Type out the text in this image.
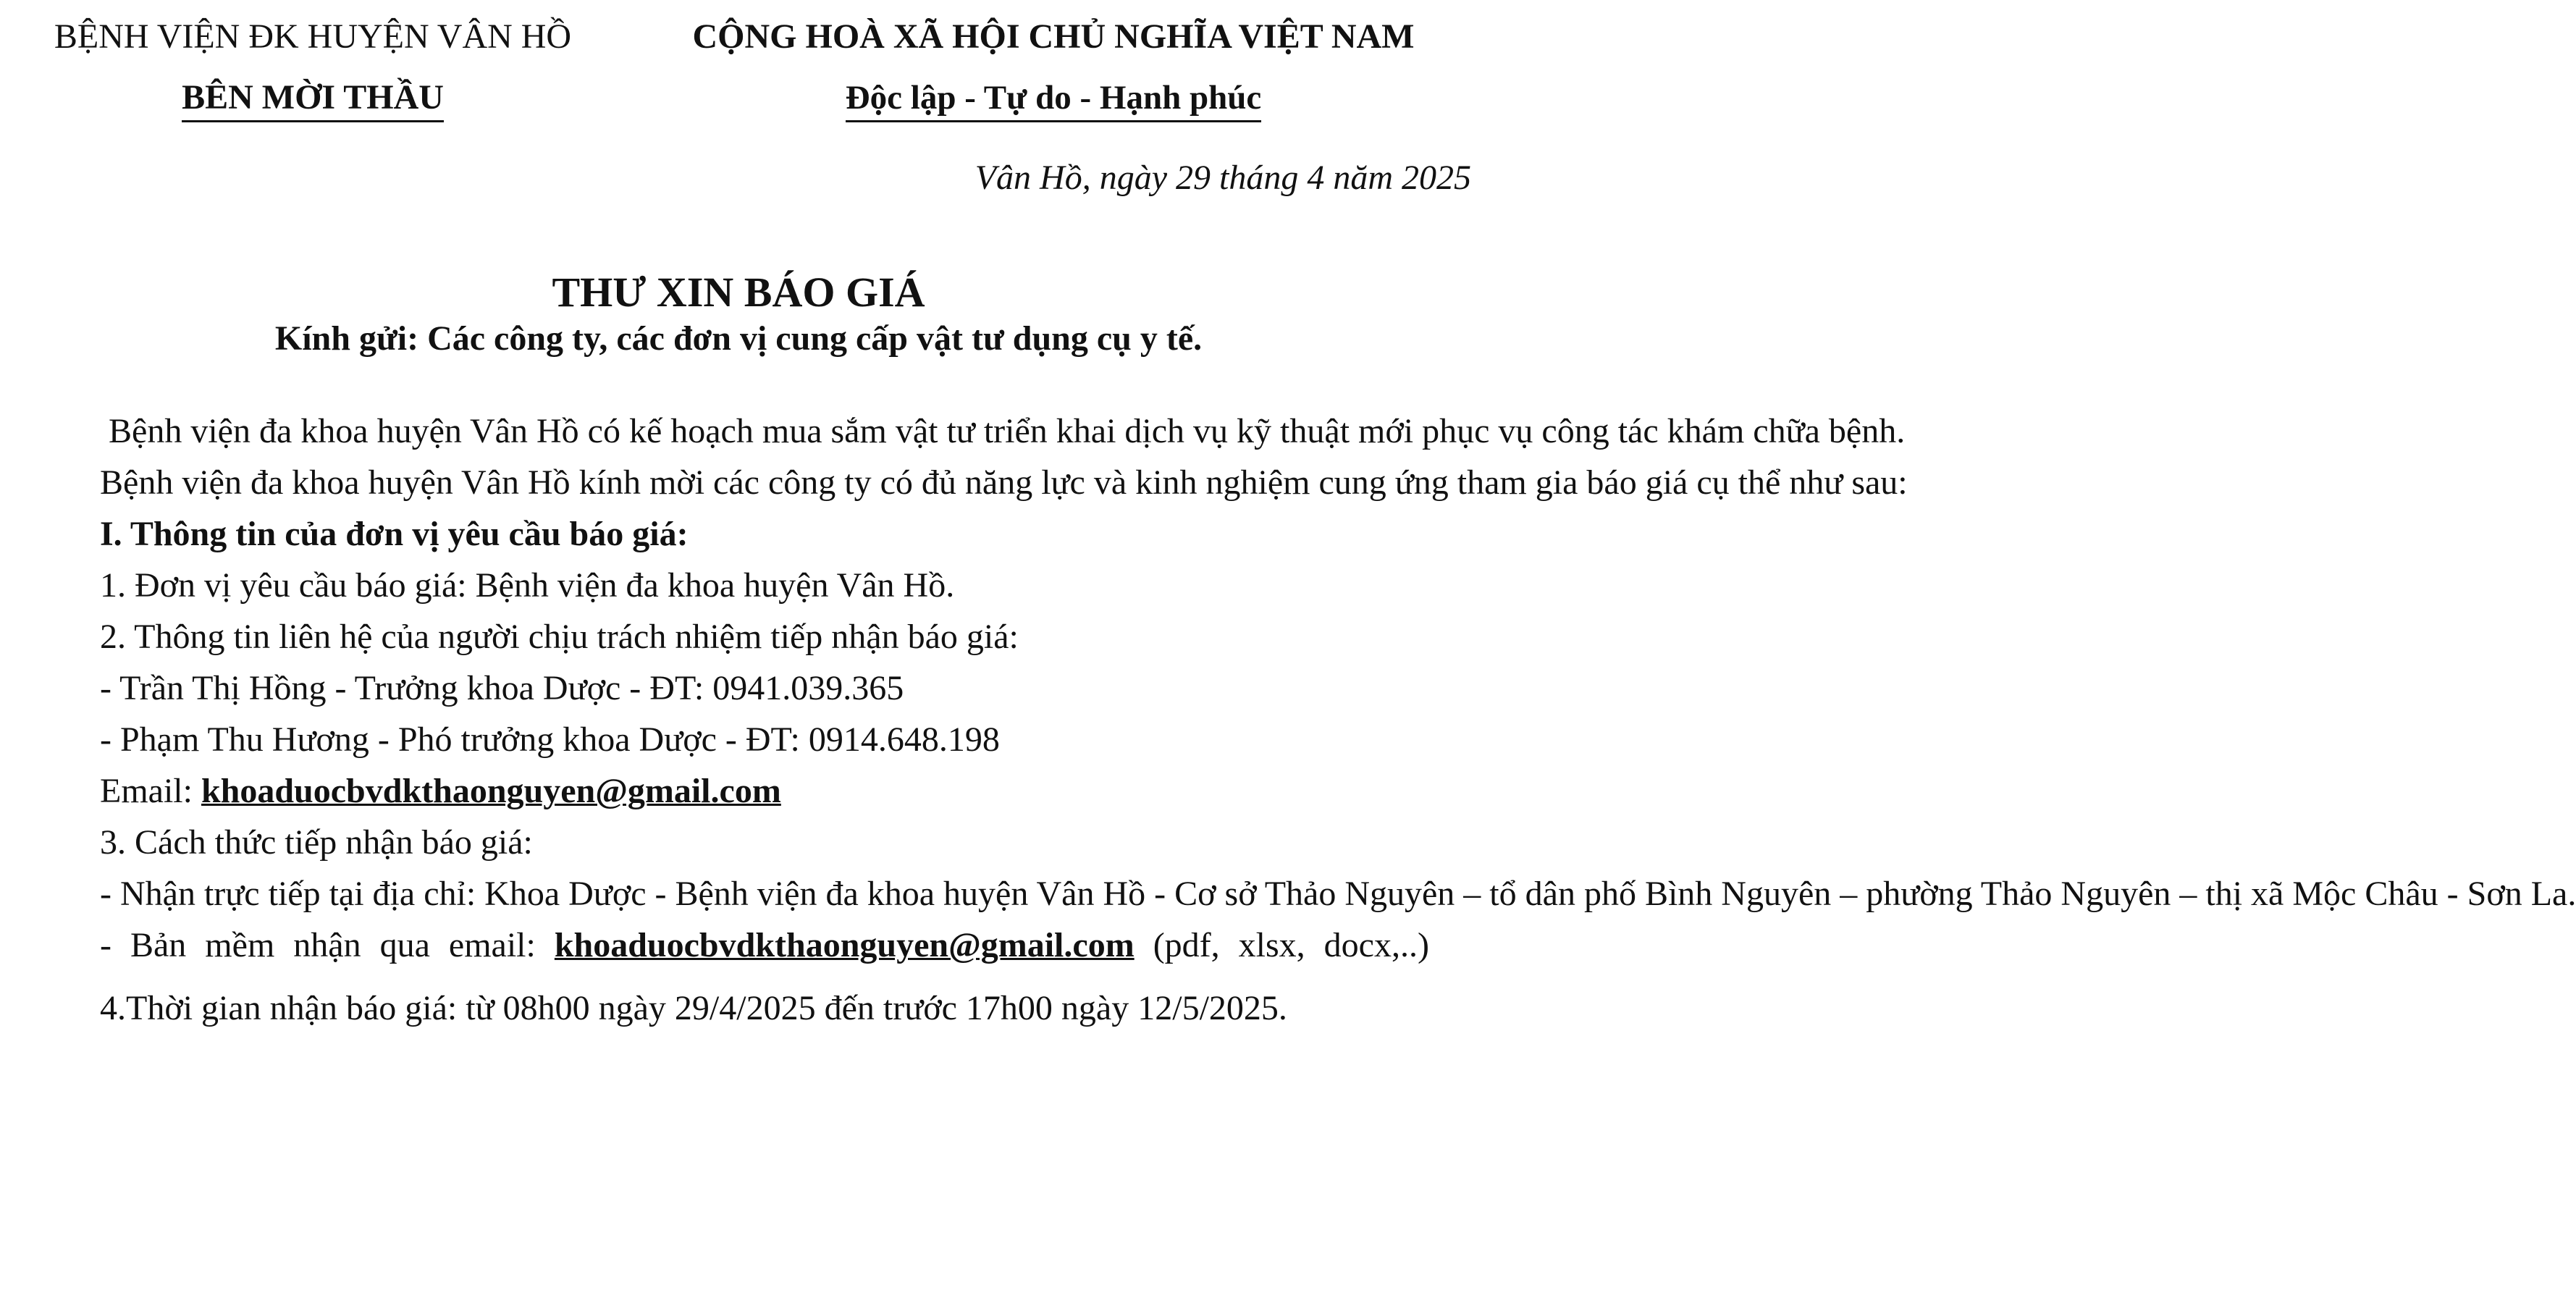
BỆNH VIỆN ĐK HUYỆN VÂN HỒ
BÊN MỜI THẦU
CỘNG HOÀ XÃ HỘI CHỦ NGHĨA VIỆT NAM
Độc lập - Tự do - Hạnh phúc
Vân Hồ, ngày 29 tháng 4 năm 2025
THƯ XIN BÁO GIÁ
Kính gửi: Các công ty, các đơn vị cung cấp vật tư dụng cụ y tế.

Bệnh viện đa khoa huyện Vân Hồ có kế hoạch mua sắm vật tư triển khai dịch vụ kỹ thuật mới phục vụ công tác khám chữa bệnh.

Bệnh viện đa khoa huyện Vân Hồ kính mời các công ty có đủ năng lực và kinh nghiệm cung ứng tham gia báo giá cụ thể như sau:

I. Thông tin của đơn vị yêu cầu báo giá:

1. Đơn vị yêu cầu báo giá: Bệnh viện đa khoa huyện Vân Hồ.

2. Thông tin liên hệ của người chịu trách nhiệm tiếp nhận báo giá:

- Trần Thị Hồng - Trưởng khoa Dược - ĐT: 0941.039.365

- Phạm Thu Hương - Phó trưởng khoa Dược - ĐT: 0914.648.198

Email: khoaduocbvdkthaonguyen@gmail.com

3. Cách thức tiếp nhận báo giá:

- Nhận trực tiếp tại địa chỉ: Khoa Dược - Bệnh viện đa khoa huyện Vân Hồ - Cơ sở Thảo Nguyên – tổ dân phố Bình Nguyên – phường Thảo Nguyên – thị xã Mộc Châu - Sơn La.

- Bản mềm nhận qua email: khoaduocbvdkthaonguyen@gmail.com (pdf, xlsx, docx,..)

4.Thời gian nhận báo giá: từ 08h00 ngày 29/4/2025 đến trước 17h00 ngày 12/5/2025.
